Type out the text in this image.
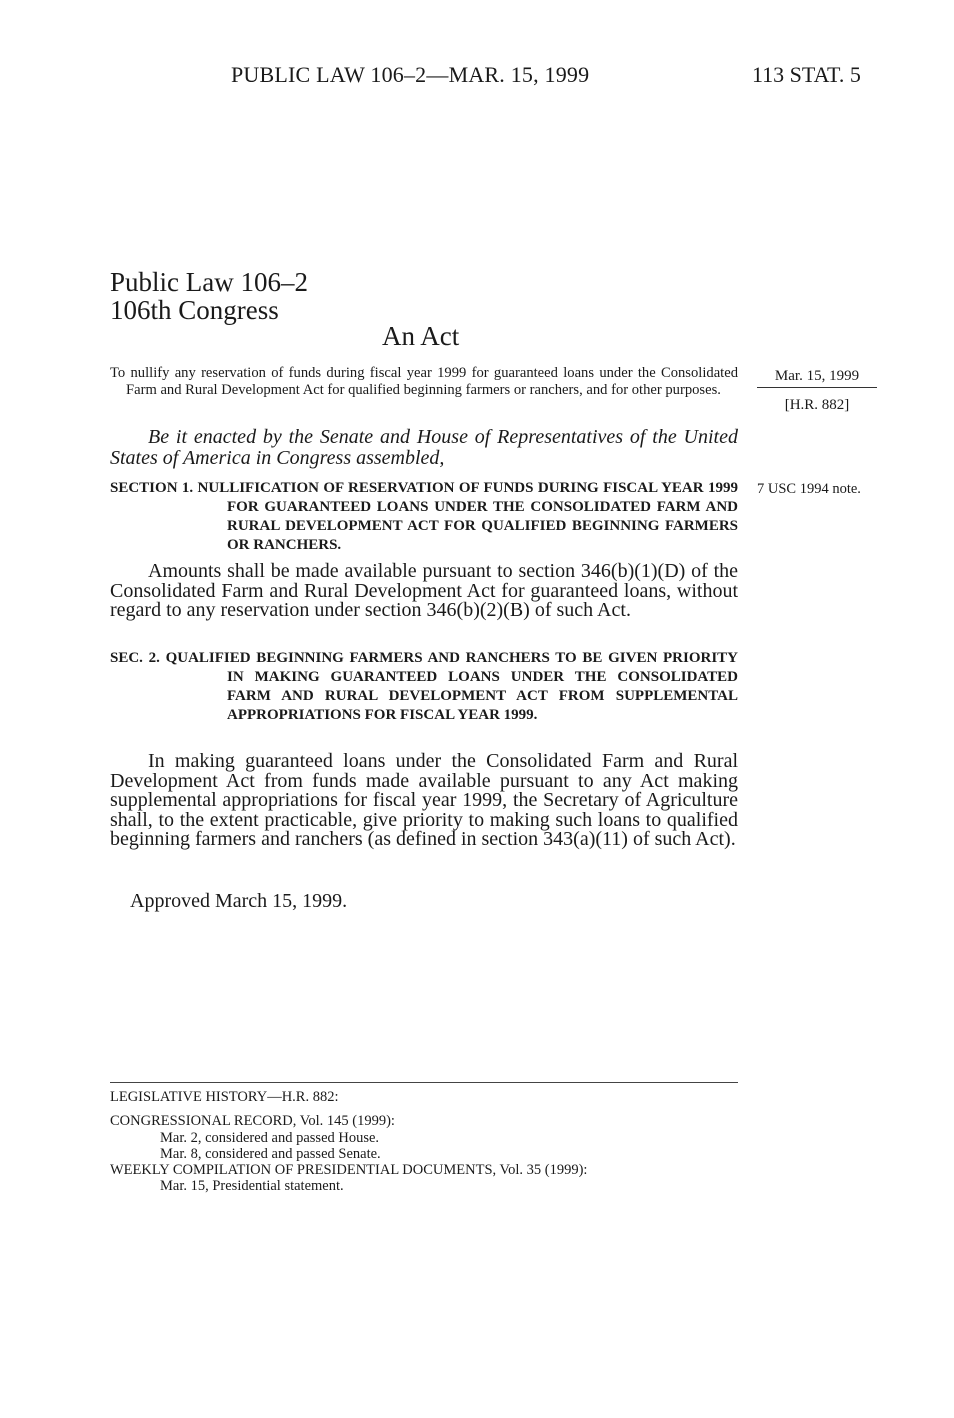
PUBLIC LAW 106–2—MAR. 15, 1999	113 STAT. 5
Public Law 106–2
106th Congress
An Act
To nullify any reservation of funds during fiscal year 1999 for guaranteed loans under the Consolidated Farm and Rural Development Act for qualified beginning farmers or ranchers, and for other purposes.
Mar. 15, 1999
[H.R. 882]
Be it enacted by the Senate and House of Representatives of the United States of America in Congress assembled,
SECTION 1. NULLIFICATION OF RESERVATION OF FUNDS DURING FISCAL YEAR 1999 FOR GUARANTEED LOANS UNDER THE CONSOLIDATED FARM AND RURAL DEVELOPMENT ACT FOR QUALIFIED BEGINNING FARMERS OR RANCHERS.
7 USC 1994 note.
Amounts shall be made available pursuant to section 346(b)(1)(D) of the Consolidated Farm and Rural Development Act for guaranteed loans, without regard to any reservation under section 346(b)(2)(B) of such Act.
SEC. 2. QUALIFIED BEGINNING FARMERS AND RANCHERS TO BE GIVEN PRIORITY IN MAKING GUARANTEED LOANS UNDER THE CONSOLIDATED FARM AND RURAL DEVELOPMENT ACT FROM SUPPLEMENTAL APPROPRIATIONS FOR FISCAL YEAR 1999.
In making guaranteed loans under the Consolidated Farm and Rural Development Act from funds made available pursuant to any Act making supplemental appropriations for fiscal year 1999, the Secretary of Agriculture shall, to the extent practicable, give priority to making such loans to qualified beginning farmers and ranchers (as defined in section 343(a)(11) of such Act).
Approved March 15, 1999.
LEGISLATIVE HISTORY—H.R. 882:
CONGRESSIONAL RECORD, Vol. 145 (1999):
Mar. 2, considered and passed House.
Mar. 8, considered and passed Senate.
WEEKLY COMPILATION OF PRESIDENTIAL DOCUMENTS, Vol. 35 (1999):
Mar. 15, Presidential statement.
